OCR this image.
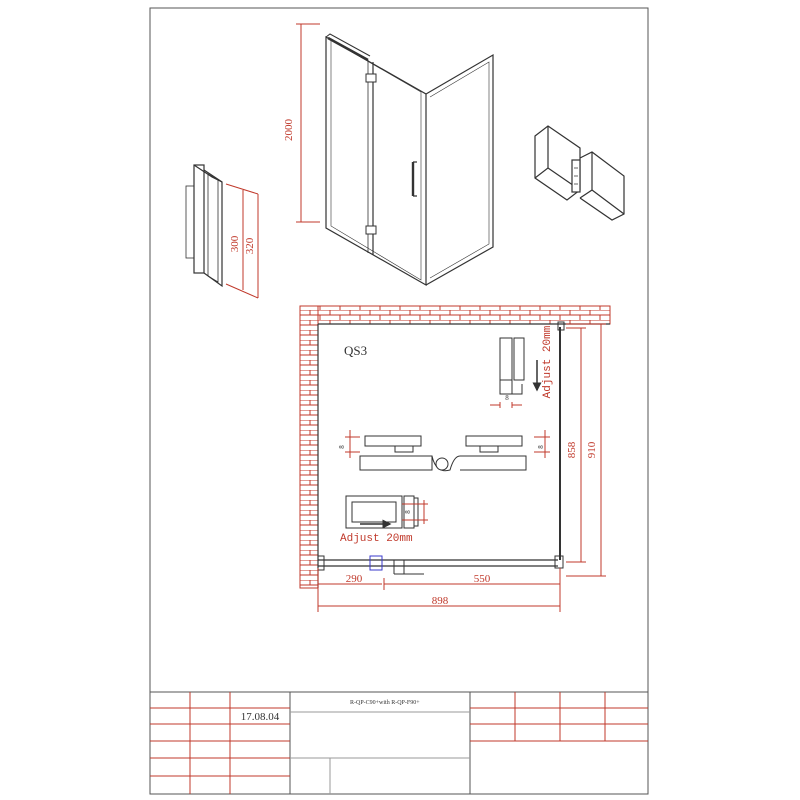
2000
300 320
QS3
8	Adjust 20mm
8	8
8
Adjust 20mm
858 910
290	550
898
17.08.04
R-QP-C90+with R-QP-F90+
